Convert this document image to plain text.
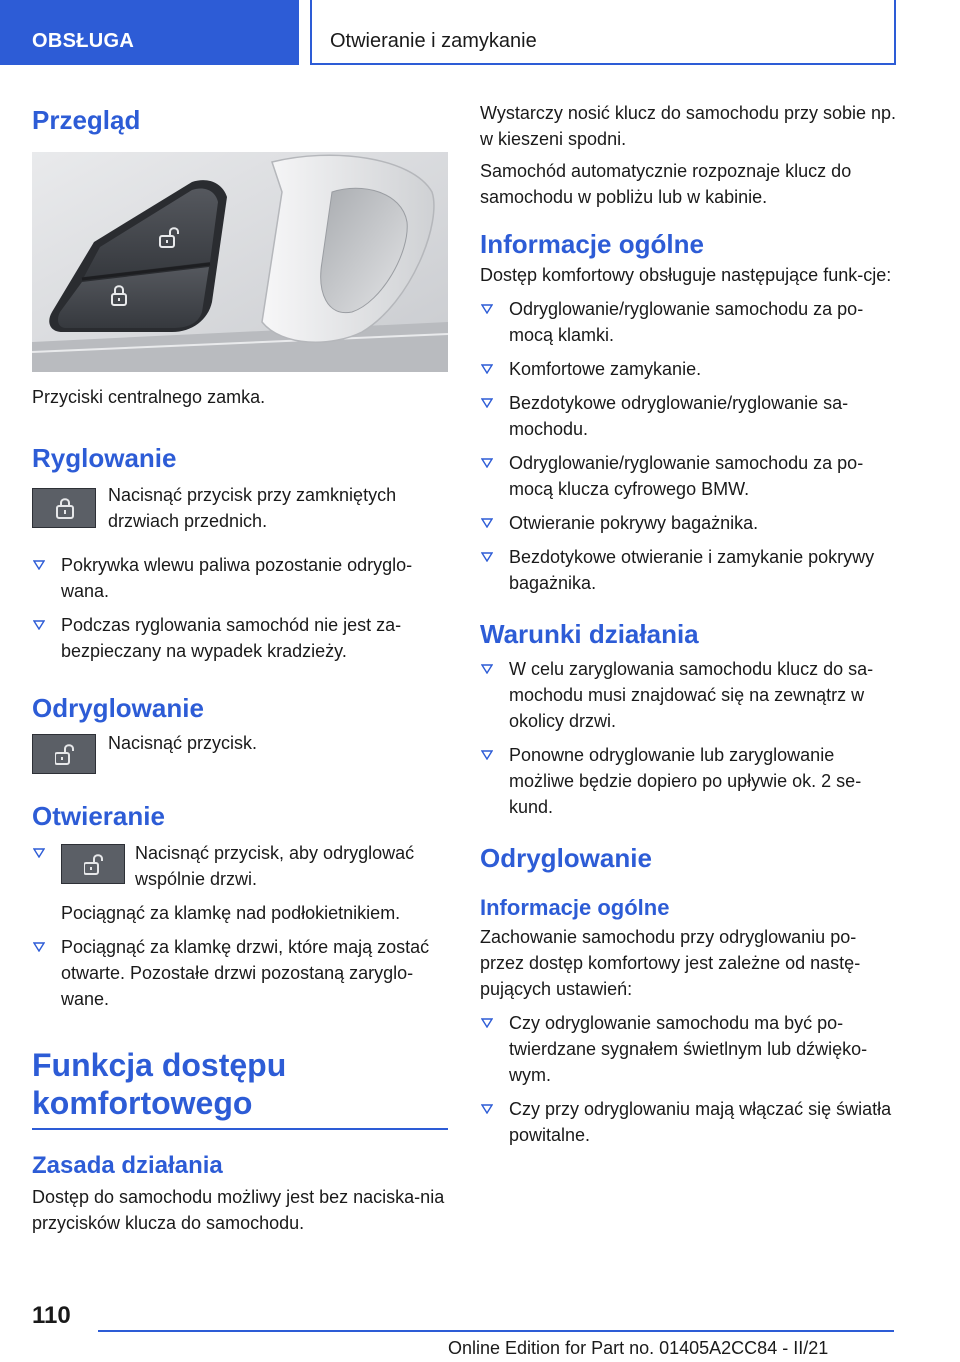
OBSŁUGA	Otwieranie i zamykanie
Przegląd

Przyciski centralnego zamka.

Ryglowanie

Nacisnąć przycisk przy zamkniętych drzwiach przednich.

Pokrywka wlewu paliwa pozostanie odryglo-wana.
Podczas ryglowania samochód nie jest za-bezpieczany na wypadek kradzieży.
Odryglowanie

Nacisnąć przycisk.

Otwieranie

Nacisnąć przycisk, aby odryglować wspólnie drzwi.

Pociągnąć za klamkę nad podłokietnikiem.

Pociągnąć za klamkę drzwi, które mają zostać otwarte. Pozostałe drzwi pozostaną zaryglo-wane.
Funkcja dostępu
komfortowego
Zasada działania

Dostęp do samochodu możliwy jest bez naciska-nia przycisków klucza do samochodu.

Wystarczy nosić klucz do samochodu przy sobie np. w kieszeni spodni.

Samochód automatycznie rozpoznaje klucz do samochodu w pobliżu lub w kabinie.

Informacje ogólne

Dostęp komfortowy obsługuje następujące funk-cje:

Odryglowanie/ryglowanie samochodu za po-mocą klamki.
Komfortowe zamykanie.
Bezdotykowe odryglowanie/ryglowanie sa-mochodu.
Odryglowanie/ryglowanie samochodu za po-mocą klucza cyfrowego BMW.
Otwieranie pokrywy bagażnika.
Bezdotykowe otwieranie i zamykanie pokrywy bagażnika.
Warunki działania
W celu zaryglowania samochodu klucz do sa-mochodu musi znajdować się na zewnątrz w okolicy drzwi.
Ponowne odryglowanie lub zaryglowanie możliwe będzie dopiero po upływie ok. 2 se-kund.
Odryglowanie
Informacje ogólne

Zachowanie samochodu przy odryglowaniu po-przez dostęp komfortowy jest zależne od nastę-pujących ustawień:

Czy odryglowanie samochodu ma być po-twierdzane sygnałem świetlnym lub dźwięko-wym.
Czy przy odryglowaniu mają włączać się światła powitalne.
110
Online Edition for Part no. 01405A2CC84 - II/21
